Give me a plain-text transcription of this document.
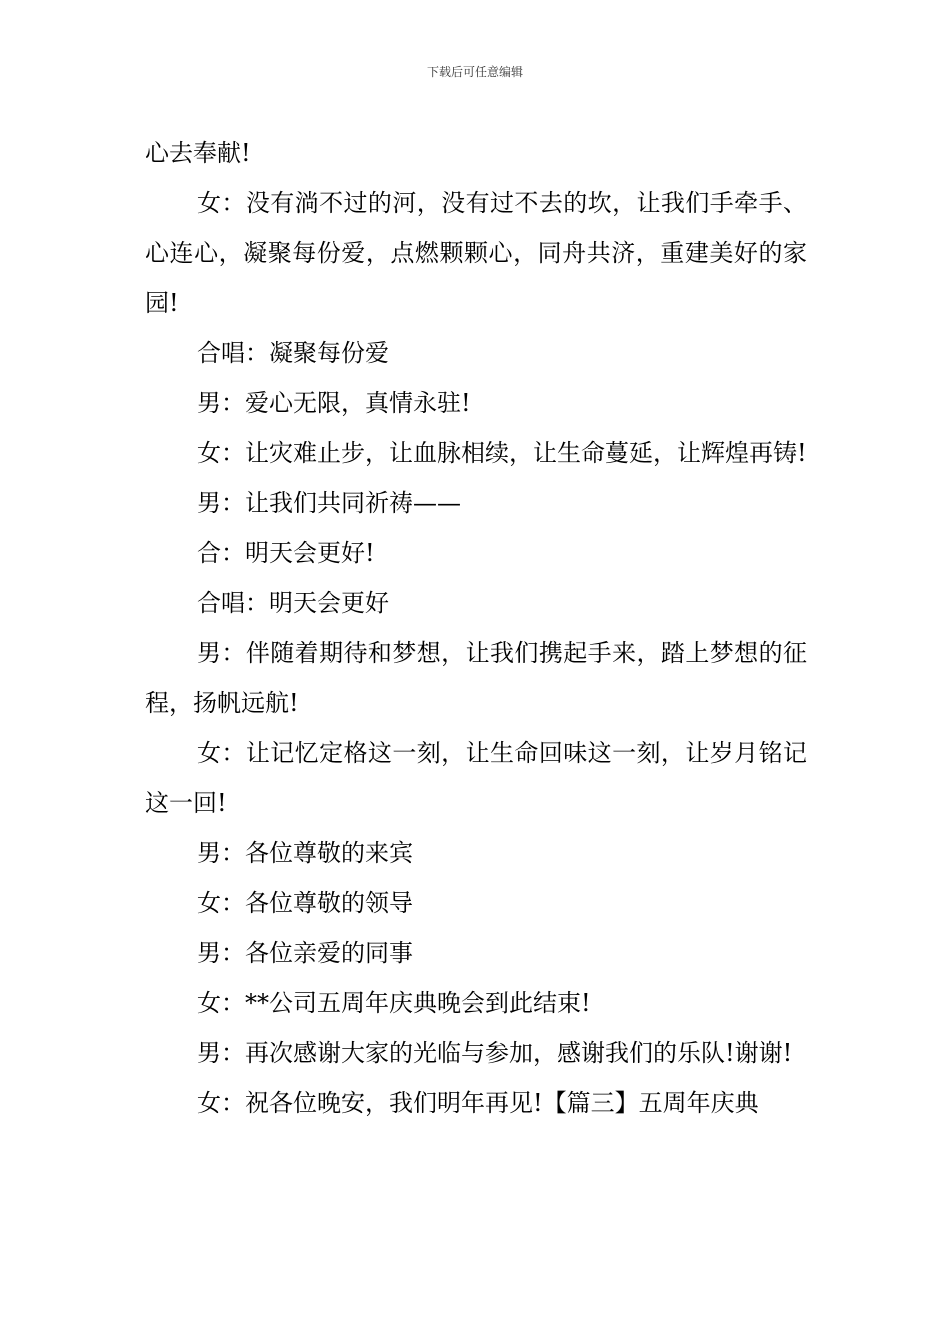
下载后可任意编辑

心去奉献!

女：没有淌不过的河，没有过不去的坎，让我们手牵手、心连心，凝聚每份爱，点燃颗颗心，同舟共济，重建美好的家园!

合唱：凝聚每份爱

男：爱心无限，真情永驻!

女：让灾难止步，让血脉相续，让生命蔓延，让辉煌再铸!

男：让我们共同祈祷——

合：明天会更好!

合唱：明天会更好

男：伴随着期待和梦想，让我们携起手来，踏上梦想的征程，扬帆远航!

女：让记忆定格这一刻，让生命回味这一刻，让岁月铭记这一回!

男：各位尊敬的来宾

女：各位尊敬的领导

男：各位亲爱的同事

女：**公司五周年庆典晚会到此结束!

男：再次感谢大家的光临与参加，感谢我们的乐队!谢谢!

女：祝各位晚安，我们明年再见!【篇三】五周年庆典
